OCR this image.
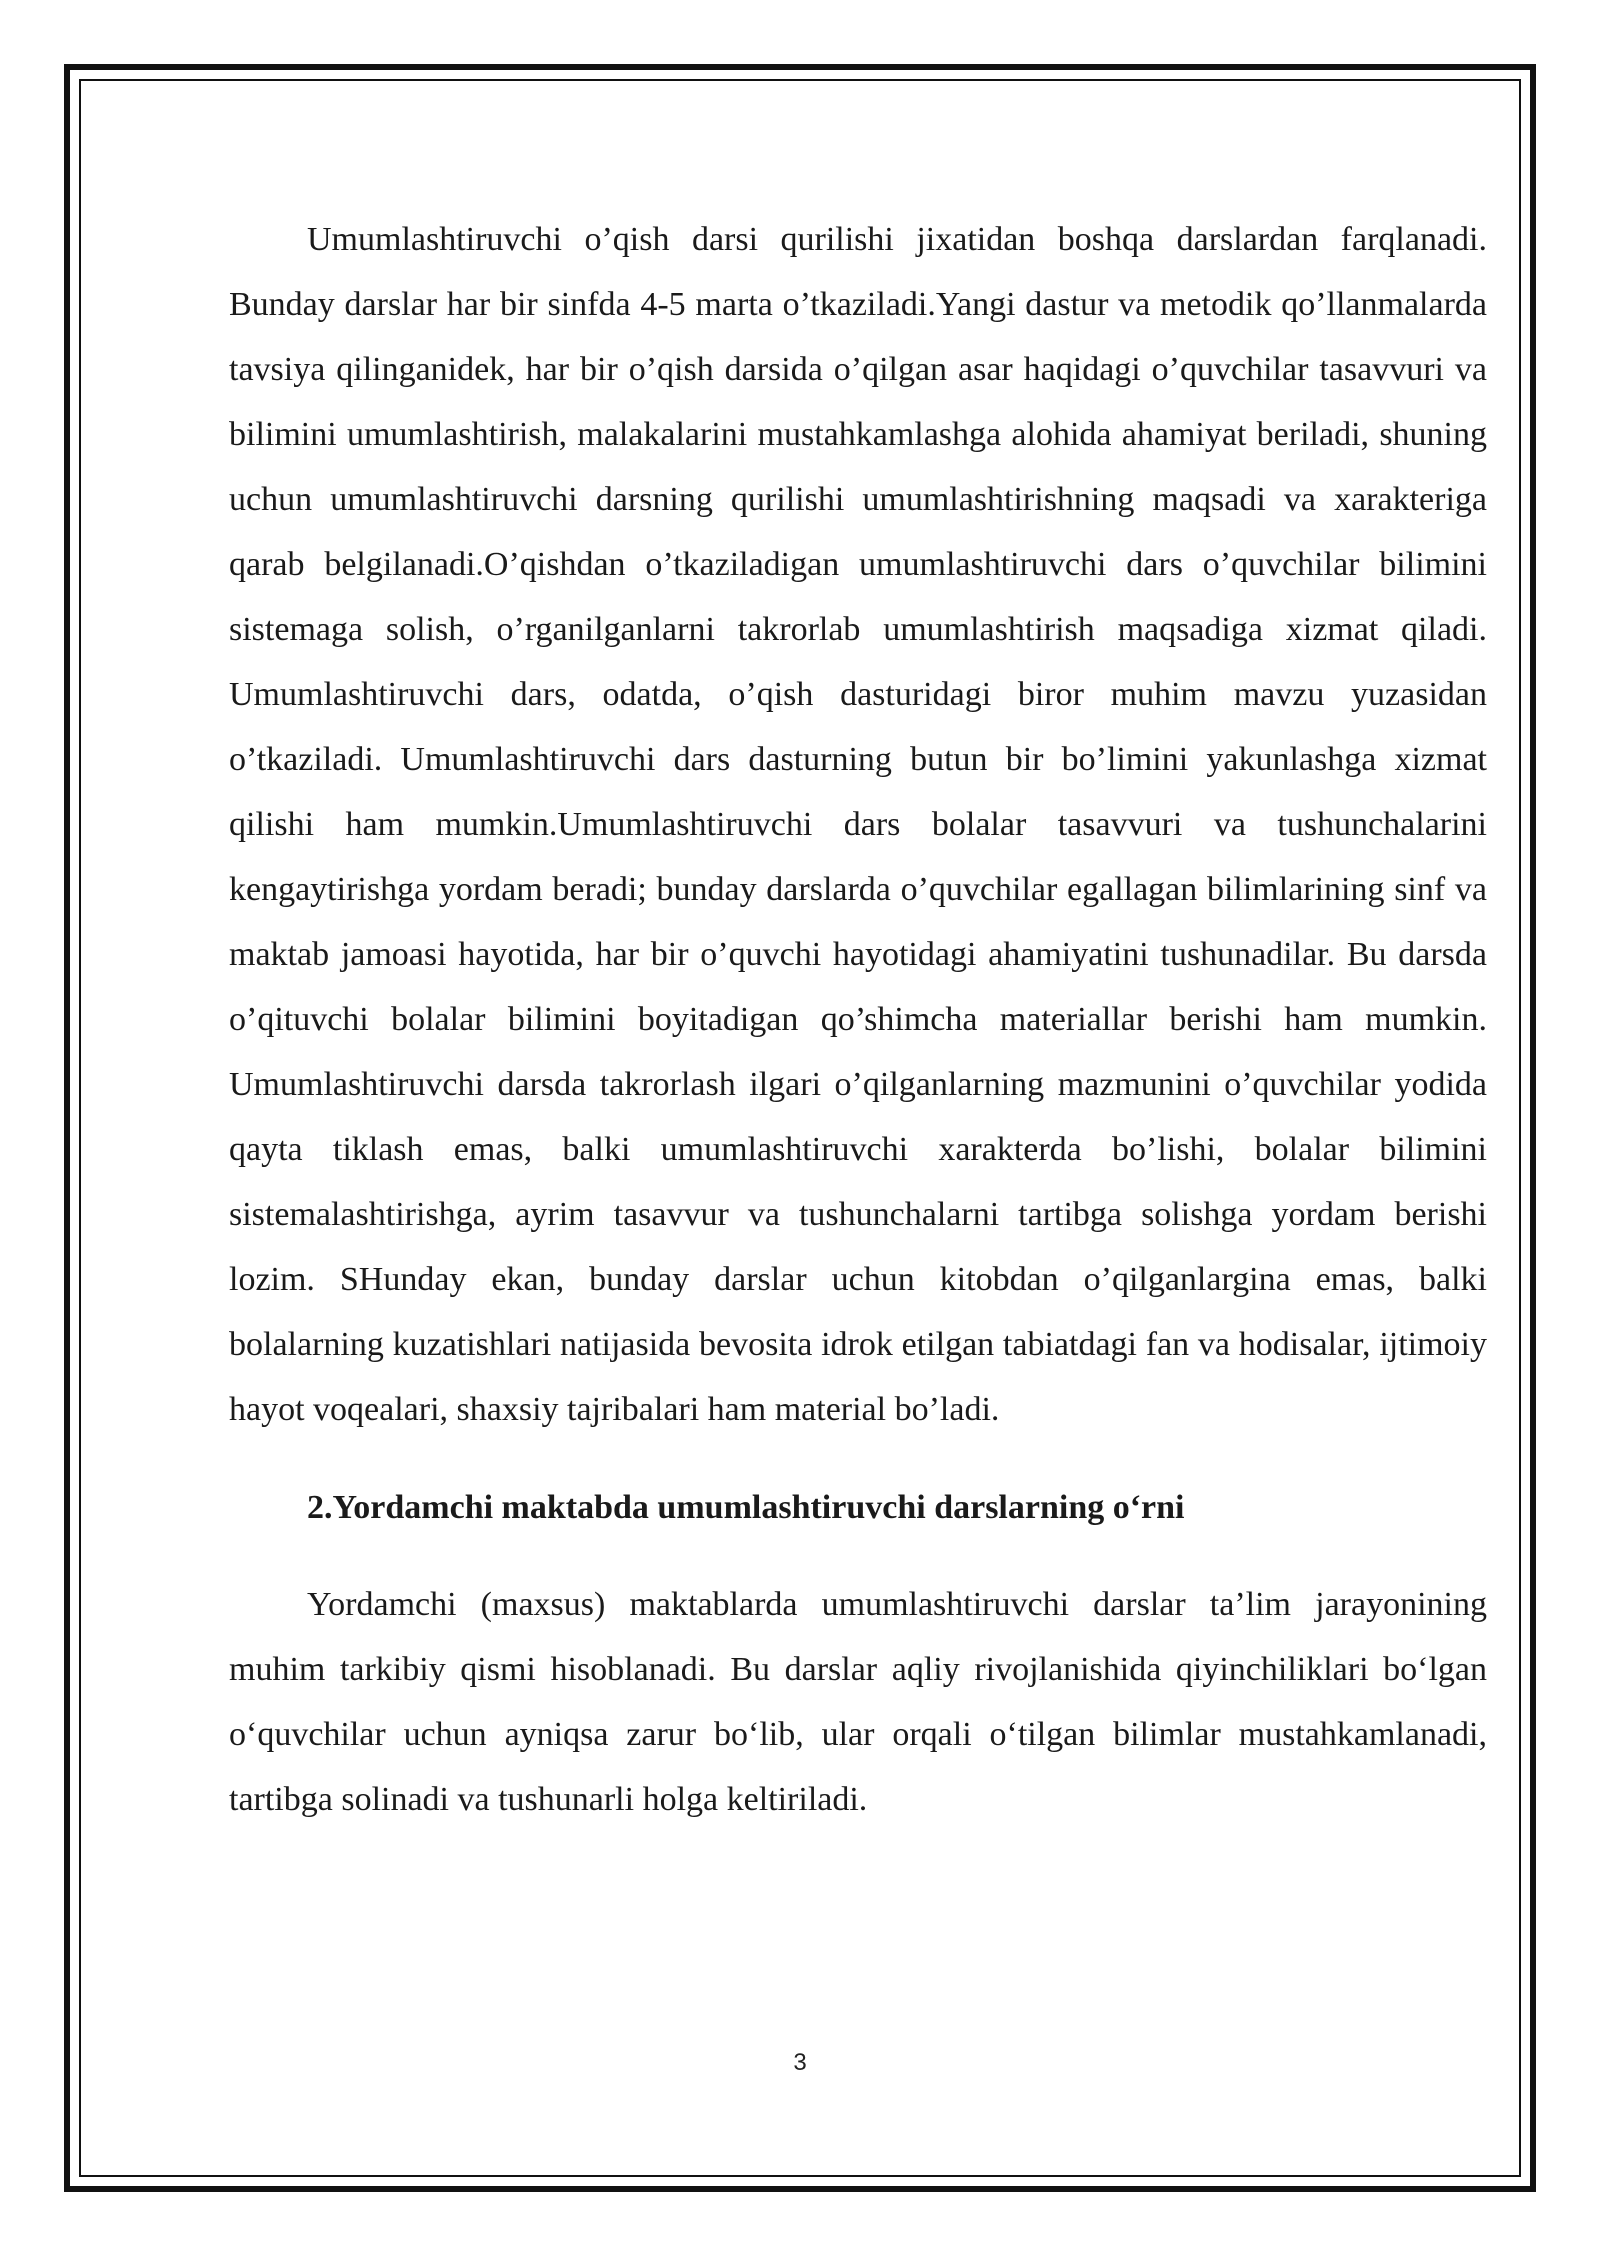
Umumlashtiruvchi o’qish darsi qurilishi jixatidan boshqa darslardan farqlanadi. Bunday darslar har bir sinfda 4-5 marta o’tkaziladi.Yangi dastur va metodik qo’llanmalarda tavsiya qilinganidek, har bir o’qish darsida o’qilgan asar haqidagi o’quvchilar tasavvuri va bilimini umumlashtirish, malakalarini mustahkamlashga alohida ahamiyat beriladi, shuning uchun umumlashtiruvchi darsning qurilishi umumlashtirishning maqsadi va xarakteriga qarab belgilanadi.O’qishdan o’tkaziladigan umumlashtiruvchi dars o’quvchilar bilimini sistemaga solish, o’rganilganlarni takrorlab umumlashtirish maqsadiga xizmat qiladi. Umumlashtiruvchi dars, odatda, o’qish dasturidagi biror muhim mavzu yuzasidan o’tkaziladi. Umumlashtiruvchi dars dasturning butun bir bo’limini yakunlashga xizmat qilishi ham mumkin.Umumlashtiruvchi dars bolalar tasavvuri va tushunchalarini kengaytirishga yordam beradi; bunday darslarda o’quvchilar egallagan bilimlarining sinf va maktab jamoasi hayotida, har bir o’quvchi hayotidagi ahamiyatini tushunadilar. Bu darsda o’qituvchi bolalar bilimini boyitadigan qo’shimcha materiallar berishi ham mumkin. Umumlashtiruvchi darsda takrorlash ilgari o’qilganlarning mazmunini o’quvchilar yodida qayta tiklash emas, balki umumlashtiruvchi xarakterda bo’lishi, bolalar bilimini sistemalashtirishga, ayrim tasavvur va tushunchalarni tartibga solishga yordam berishi lozim. SHunday ekan, bunday darslar uchun kitobdan o’qilganlargina emas, balki bolalarning kuzatishlari natijasida bevosita idrok etilgan tabiatdagi fan va hodisalar, ijtimoiy hayot voqealari, shaxsiy tajribalari ham material bo’ladi.

2.Yordamchi maktabda umumlashtiruvchi darslarning o‘rni

Yordamchi (maxsus) maktablarda umumlashtiruvchi darslar ta’lim jarayonining muhim tarkibiy qismi hisoblanadi. Bu darslar aqliy rivojlanishida qiyinchiliklari bo‘lgan o‘quvchilar uchun ayniqsa zarur bo‘lib, ular orqali o‘tilgan bilimlar mustahkamlanadi, tartibga solinadi va tushunarli holga keltiriladi.

3
